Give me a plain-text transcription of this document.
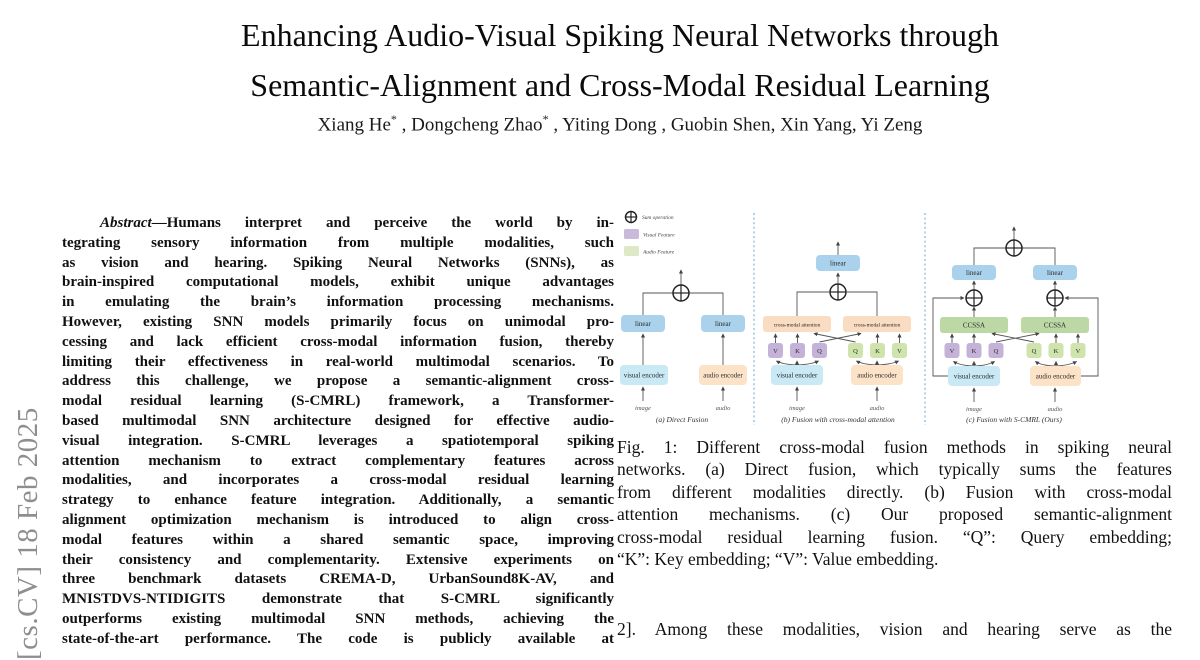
[cs.CV] 18 Feb 2025
Enhancing Audio-Visual Spiking Neural Networks through
Semantic-Alignment and Cross-Modal Residual Learning
Xiang He* , Dongcheng Zhao* , Yiting Dong , Guobin Shen, Xin Yang, Yi Zeng
Abstract—Humans interpret and perceive the world by in-
tegrating sensory information from multiple modalities, such
as vision and hearing. Spiking Neural Networks (SNNs), as
brain-inspired computational models, exhibit unique advantages
in emulating the brain’s information processing mechanisms.
However, existing SNN models primarily focus on unimodal pro-
cessing and lack efficient cross-modal information fusion, thereby
limiting their effectiveness in real-world multimodal scenarios. To
address this challenge, we propose a semantic-alignment cross-
modal residual learning (S-CMRL) framework, a Transformer-
based multimodal SNN architecture designed for effective audio-
visual integration. S-CMRL leverages a spatiotemporal spiking
attention mechanism to extract complementary features across
modalities, and incorporates a cross-modal residual learning
strategy to enhance feature integration. Additionally, a semantic
alignment optimization mechanism is introduced to align cross-
modal features within a shared semantic space, improving
their consistency and complementarity. Extensive experiments on
three benchmark datasets CREMA-D, UrbanSound8K-AV, and
MNISTDVS-NTIDIGITS demonstrate that S-CMRL significantly
outperforms existing multimodal SNN methods, achieving the
state-of-the-art performance. The code is publicly available at
Sum operation
Visual Feature
Audio Feature
linear	linear
visual encoder	audio encoder
image	audio
(a) Direct Fusion
linear
cross-modal attention	cross-modal attention
V	K	Q	Q	K	V
visual encoder	audio encoder
image	audio
(b) Fusion with cross-modal attention
linear	linear
CCSSA	CCSSA
V	K	Q	Q	K	V
visual encoder	audio encoder
image	audio
(c) Fusion with S-CMRL (Ours)
Fig. 1: Different cross-modal fusion methods in spiking neural
networks. (a) Direct fusion, which typically sums the features
from different modalities directly. (b) Fusion with cross-modal
attention mechanisms. (c) Our proposed semantic-alignment
cross-modal residual learning fusion. “Q”: Query embedding;
“K”: Key embedding; “V”: Value embedding.
2]. Among these modalities, vision and hearing serve as the
